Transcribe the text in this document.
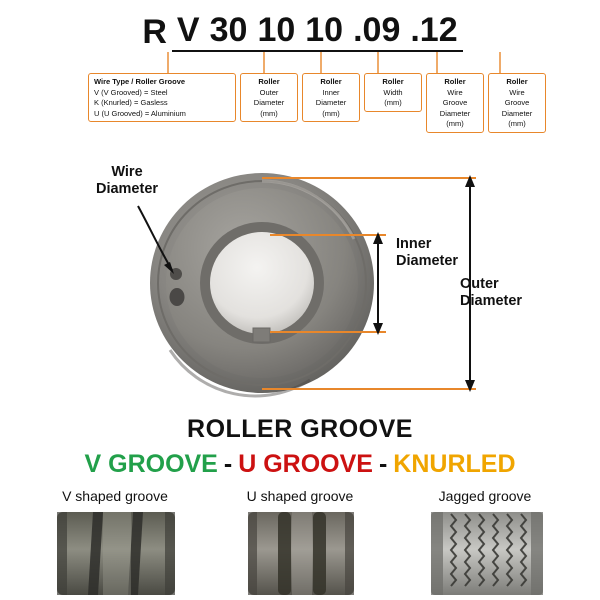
R V 30 10 10 .09 .12
Wire Type / Roller Groove
V (V Grooved) = Steel
K (Knurled) = Gasless
U (U Grooved) = Aluminium
Roller
Outer
Diameter
(mm)
Roller
Inner
Diameter
(mm)
Roller
Width
(mm)
Roller
Wire
Groove
Diameter
(mm)
Roller
Wire
Groove
Diameter
(mm)
Wire
Diameter
Inner
Diameter
Outer
Diameter
ROLLER GROOVE
V GROOVE - U GROOVE - KNURLED
V shaped groove	U shaped groove	Jagged groove
